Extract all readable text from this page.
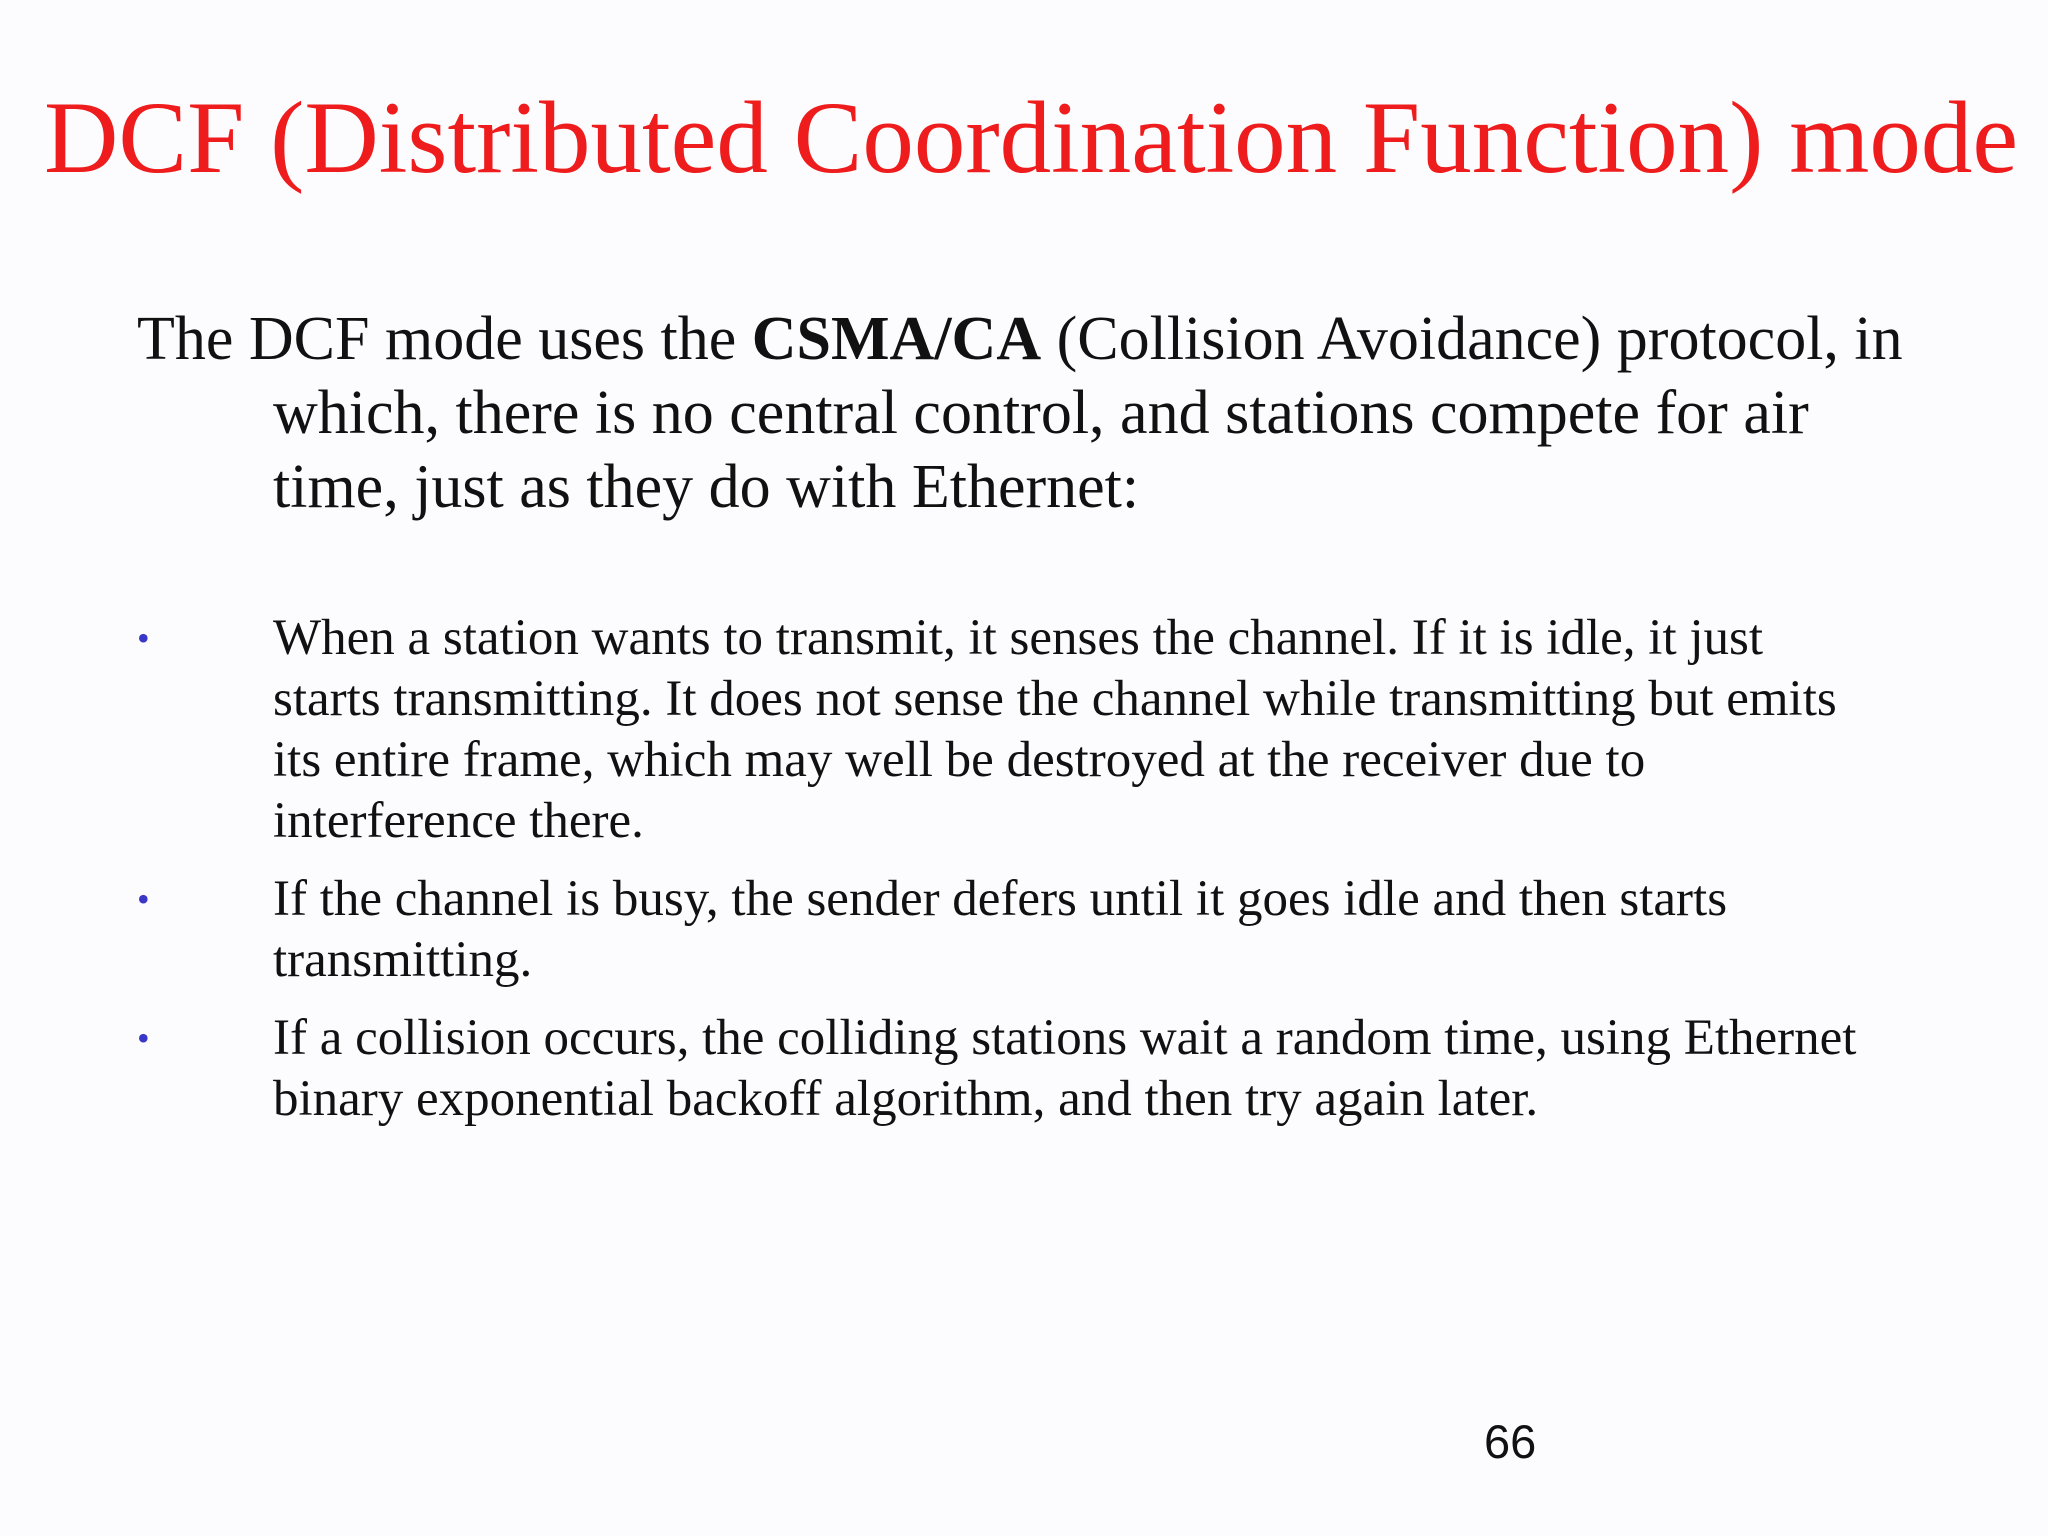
DCF (Distributed Coordination Function) mode

The DCF mode uses the CSMA/CA (Collision Avoidance) protocol, in which, there is no central control, and stations compete for air time, just as they do with Ethernet:

• When a station wants to transmit, it senses the channel. If it is idle, it just starts transmitting. It does not sense the channel while transmitting but emits its entire frame, which may well be destroyed at the receiver due to interference there.
• If the channel is busy, the sender defers until it goes idle and then starts transmitting.
• If a collision occurs, the colliding stations wait a random time, using Ethernet binary exponential backoff algorithm, and then try again later.
66
